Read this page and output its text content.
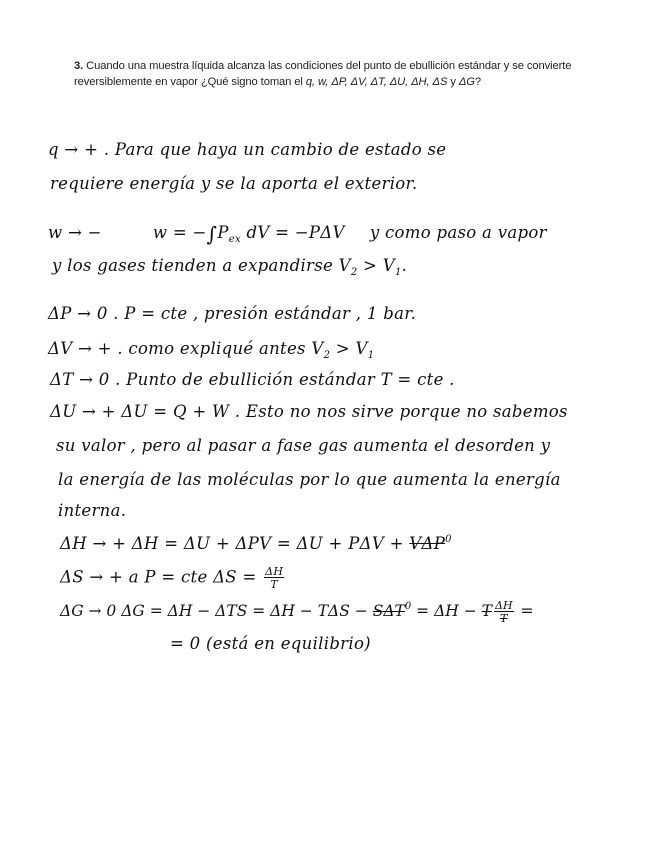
3. Cuando una muestra líquida alcanza las condiciones del punto de ebullición estándar y se convierte reversiblemente en vapor ¿Qué signo toman el q, w, ΔP, ΔV, ΔT, ΔU, ΔH, ΔS y ΔG?
q → + . Para que haya un cambio de estado se
requiere energía y se la aporta el exterior.
w → −	$w = -\int P_{ex}$ dV = −PΔV y como paso a vapor
y los gases tienden a expandirse $V_2 > V_1$.
ΔP → 0 . P = cte , presión estándar , 1 bar.
ΔV → + . como expliqué antes $V_2 > V_1$
ΔT → 0 . Punto de ebullición estándar T = cte .
ΔU → + ΔU = Q + W . Esto no nos sirve porque no sabemos
su valor , pero al pasar a fase gas aumenta el desorden y
la energía de las moléculas por lo que aumenta la energía
interna.
ΔH → + $\Delta H = \Delta U + \Delta PV = \Delta U + P\Delta V + V\Delta P^0$
ΔS → + a P = cte $\Delta S = \frac{\Delta H}{T}$
ΔG → 0 $\Delta G = \Delta H - \Delta TS = \Delta H - T\Delta S - S\Delta T^0 = \Delta H - T \frac{\Delta H}{T}$ =
= 0 (está en equilibrio)
